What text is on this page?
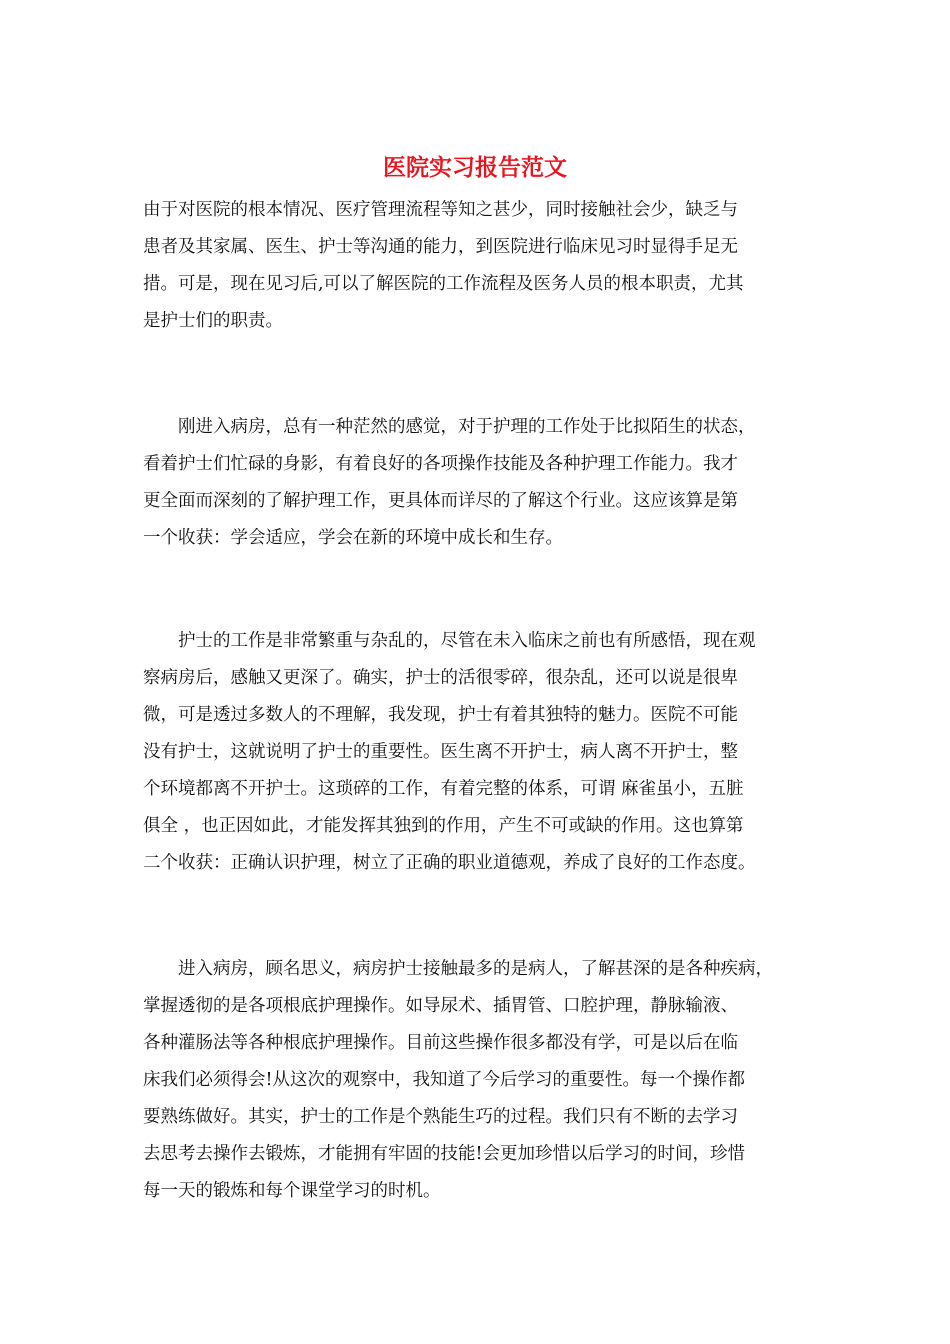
医院实习报告范文

由于对医院的根本情况、医疗管理流程等知之甚少，同时接触社会少，缺乏与
患者及其家属、医生、护士等沟通的能力，到医院进行临床见习时显得手足无
措。可是，现在见习后,可以了解医院的工作流程及医务人员的根本职责，尤其
是护士们的职责。

　　刚进入病房，总有一种茫然的感觉，对于护理的工作处于比拟陌生的状态，
看着护士们忙碌的身影，有着良好的各项操作技能及各种护理工作能力。我才
更全面而深刻的了解护理工作，更具体而详尽的了解这个行业。这应该算是第
一个收获：学会适应，学会在新的环境中成长和生存。

　　护士的工作是非常繁重与杂乱的，尽管在未入临床之前也有所感悟，现在观
察病房后，感触又更深了。确实，护士的活很零碎，很杂乱，还可以说是很卑
微，可是透过多数人的不理解，我发现，护士有着其独特的魅力。医院不可能
没有护士，这就说明了护士的重要性。医生离不开护士，病人离不开护士，整
个环境都离不开护士。这琐碎的工作，有着完整的体系，可谓 麻雀虽小，五脏
俱全 ，也正因如此，才能发挥其独到的作用，产生不可或缺的作用。这也算第
二个收获：正确认识护理，树立了正确的职业道德观，养成了良好的工作态度。

　　进入病房，顾名思义，病房护士接触最多的是病人，了解甚深的是各种疾病，
掌握透彻的是各项根底护理操作。如导尿术、插胃管、口腔护理，静脉输液、
各种灌肠法等各种根底护理操作。目前这些操作很多都没有学，可是以后在临
床我们必须得会!从这次的观察中，我知道了今后学习的重要性。每一个操作都
要熟练做好。其实，护士的工作是个熟能生巧的过程。我们只有不断的去学习
去思考去操作去锻炼，才能拥有牢固的技能!会更加珍惜以后学习的时间，珍惜
每一天的锻炼和每个课堂学习的时机。
